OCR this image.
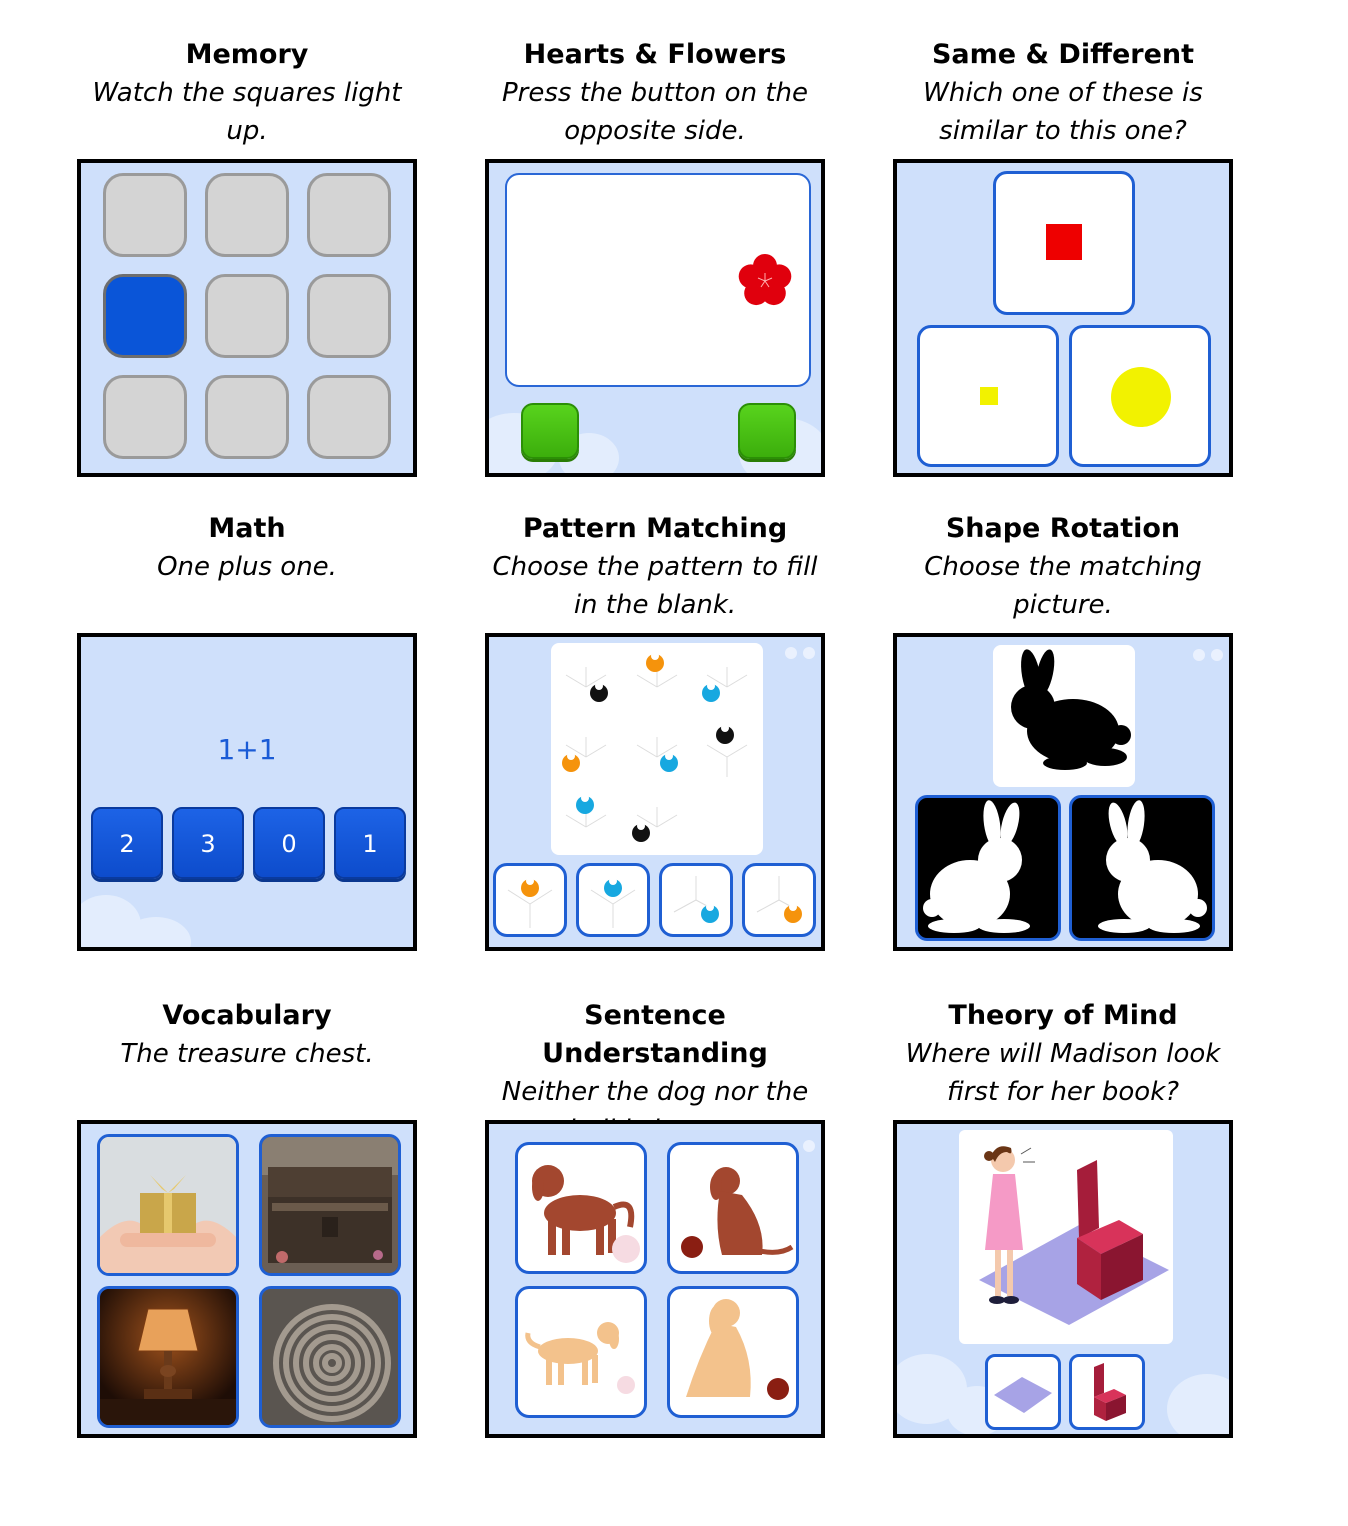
Memory
Watch the squares light
up.
Hearts & Flowers
Press the button on the
opposite side.
Same & Different
Which one of these is
similar to this one?
Math
One plus one.
1+1
2	3	0	1
Pattern Matching
Choose the pattern to fill
in the blank.
Shape Rotation
Choose the matching
picture.
Vocabulary
The treasure chest.
Sentence Understanding
Neither the dog nor the
Theory of Mind
Where will Madison look
first for her book?
